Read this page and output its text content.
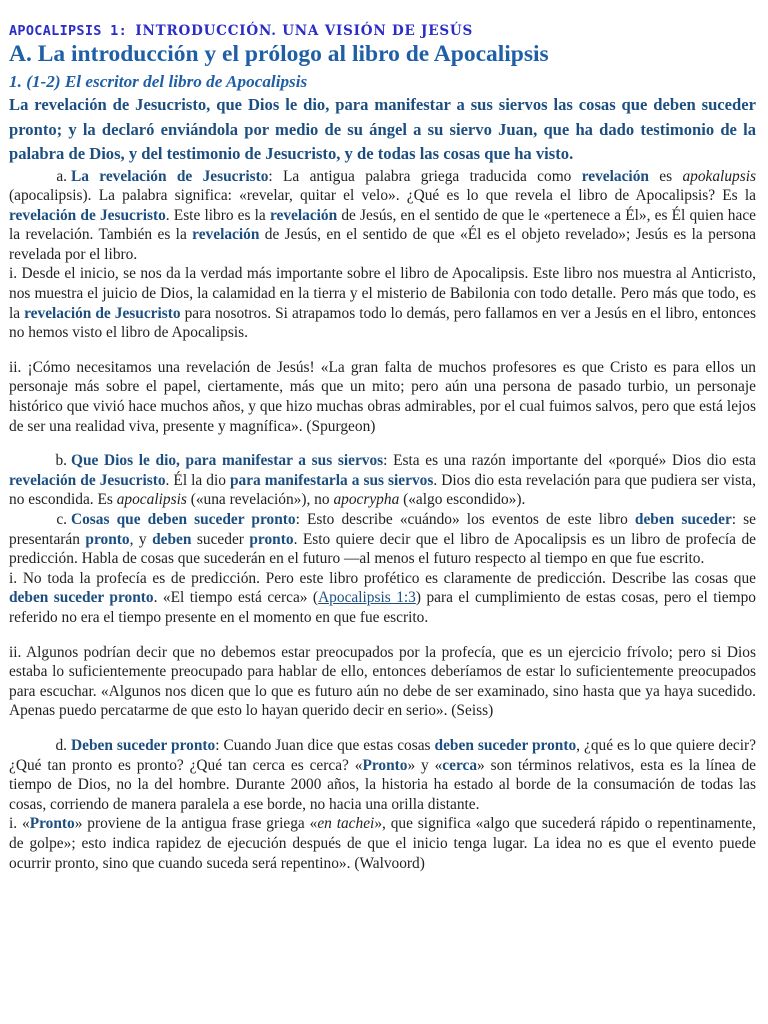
APOCALIPSIS 1: INTRODUCCIÓN. UNA VISIÓN DE JESÚS
A. La introducción y el prólogo al libro de Apocalipsis
1. (1-2) El escritor del libro de Apocalipsis

La revelación de Jesucristo, que Dios le dio, para manifestar a sus siervos las cosas que deben suceder pronto; y la declaró enviándola por medio de su ángel a su siervo Juan, que ha dado testimonio de la palabra de Dios, y del testimonio de Jesucristo, y de todas las cosas que ha visto.

a. La revelación de Jesucristo: La antigua palabra griega traducida como revelación es apokalupsis (apocalipsis). La palabra significa: «revelar, quitar el velo». ¿Qué es lo que revela el libro de Apocalipsis? Es la revelación de Jesucristo. Este libro es la revelación de Jesús, en el sentido de que le «pertenece a Él», es Él quien hace la revelación. También es la revelación de Jesús, en el sentido de que «Él es el objeto revelado»; Jesús es la persona revelada por el libro.

i. Desde el inicio, se nos da la verdad más importante sobre el libro de Apocalipsis. Este libro nos muestra al Anticristo, nos muestra el juicio de Dios, la calamidad en la tierra y el misterio de Babilonia con todo detalle. Pero más que todo, es la revelación de Jesucristo para nosotros. Si atrapamos todo lo demás, pero fallamos en ver a Jesús en el libro, entonces no hemos visto el libro de Apocalipsis.

ii. ¡Cómo necesitamos una revelación de Jesús! «La gran falta de muchos profesores es que Cristo es para ellos un personaje más sobre el papel, ciertamente, más que un mito; pero aún una persona de pasado turbio, un personaje histórico que vivió hace muchos años, y que hizo muchas obras admirables, por el cual fuimos salvos, pero que está lejos de ser una realidad viva, presente y magnífica». (Spurgeon)

b. Que Dios le dio, para manifestar a sus siervos: Esta es una razón importante del «porqué» Dios dio esta revelación de Jesucristo. Él la dio para manifestarla a sus siervos. Dios dio esta revelación para que pudiera ser vista, no escondida. Es apocalipsis («una revelación»), no apocrypha («algo escondido»).

c. Cosas que deben suceder pronto: Esto describe «cuándo» los eventos de este libro deben suceder: se presentarán pronto, y deben suceder pronto. Esto quiere decir que el libro de Apocalipsis es un libro de profecía de predicción. Habla de cosas que sucederán en el futuro —al menos el futuro respecto al tiempo en que fue escrito.

i. No toda la profecía es de predicción. Pero este libro profético es claramente de predicción. Describe las cosas que deben suceder pronto. «El tiempo está cerca» (Apocalipsis 1:3) para el cumplimiento de estas cosas, pero el tiempo referido no era el tiempo presente en el momento en que fue escrito.

ii. Algunos podrían decir que no debemos estar preocupados por la profecía, que es un ejercicio frívolo; pero si Dios estaba lo suficientemente preocupado para hablar de ello, entonces deberíamos de estar lo suficientemente preocupados para escuchar. «Algunos nos dicen que lo que es futuro aún no debe de ser examinado, sino hasta que ya haya sucedido. Apenas puedo percatarme de que esto lo hayan querido decir en serio». (Seiss)

d. Deben suceder pronto: Cuando Juan dice que estas cosas deben suceder pronto, ¿qué es lo que quiere decir? ¿Qué tan pronto es pronto? ¿Qué tan cerca es cerca? «Pronto» y «cerca» son términos relativos, esta es la línea de tiempo de Dios, no la del hombre. Durante 2000 años, la historia ha estado al borde de la consumación de todas las cosas, corriendo de manera paralela a ese borde, no hacia una orilla distante.

i. «Pronto» proviene de la antigua frase griega «en tachei», que significa «algo que sucederá rápido o repentinamente, de golpe»; esto indica rapidez de ejecución después de que el inicio tenga lugar. La idea no es que el evento puede ocurrir pronto, sino que cuando suceda será repentino». (Walvoord)
